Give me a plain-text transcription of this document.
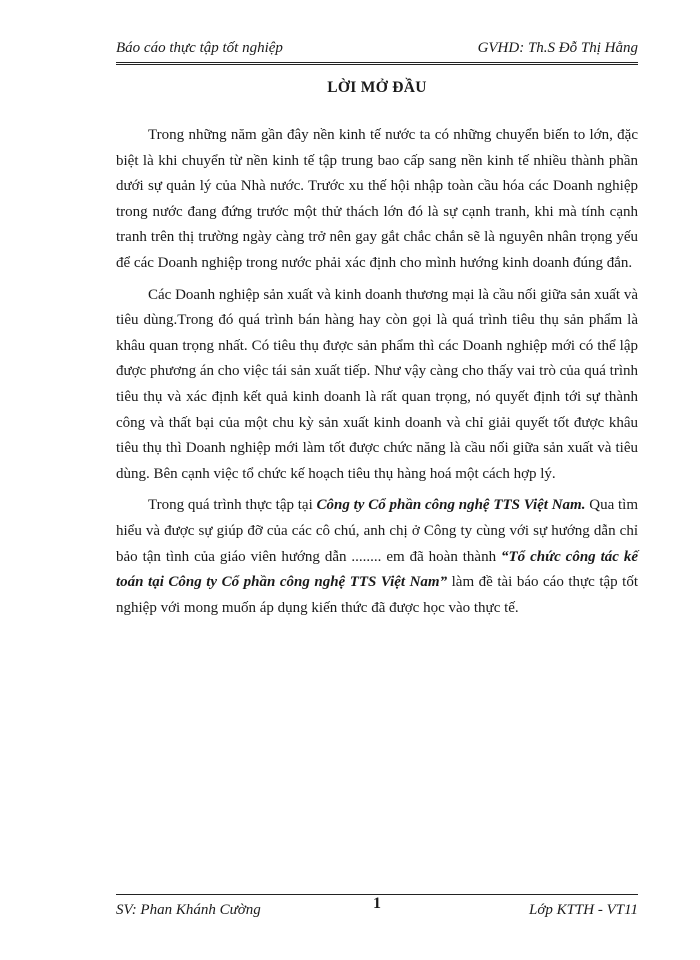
Báo cáo thực tập tốt nghiệp	GVHD: Th.S Đỗ Thị Hằng
LỜI MỞ ĐẦU

Trong những năm gần đây nền kinh tế nước ta có những chuyển biến to lớn, đặc biệt là khi chuyển từ nền kinh tế tập trung bao cấp sang nền kinh tế nhiều thành phần dưới sự quản lý của Nhà nước. Trước xu thế hội nhập toàn cầu hóa các Doanh nghiệp trong nước đang đứng trước một thử thách lớn đó là sự cạnh tranh, khi mà tính cạnh tranh trên thị trường ngày càng trở nên gay gắt chắc chắn sẽ là nguyên nhân trọng yếu để các Doanh nghiệp trong nước phải xác định cho mình hướng kinh doanh đúng đắn.

Các Doanh nghiệp sản xuất và kinh doanh thương mại là cầu nối giữa sản xuất và tiêu dùng.Trong đó quá trình bán hàng hay còn gọi là quá trình tiêu thụ sản phẩm là khâu quan trọng nhất. Có tiêu thụ được sản phẩm thì các Doanh nghiệp mới có thể lập được phương án cho việc tái sản xuất tiếp. Như vậy càng cho thấy vai trò của quá trình tiêu thụ và xác định kết quả kinh doanh là rất quan trọng, nó quyết định tới sự thành công và thất bại của một chu kỳ sản xuất kinh doanh và chỉ giải quyết tốt được khâu tiêu thụ thì Doanh nghiệp mới làm tốt được chức năng là cầu nối giữa sản xuất và tiêu dùng. Bên cạnh việc tổ chức kế hoạch tiêu thụ hàng hoá một cách hợp lý.

Trong quá trình thực tập tại Công ty Cổ phần công nghệ TTS Việt Nam. Qua tìm hiểu và được sự giúp đỡ của các cô chú, anh chị ở Công ty cùng với sự hướng dẫn chỉ bảo tận tình của giáo viên hướng dẫn ........ em đã hoàn thành “Tổ chức công tác kế toán tại Công ty Cổ phần công nghệ TTS Việt Nam” làm đề tài báo cáo thực tập tốt nghiệp với mong muốn áp dụng kiến thức đã được học vào thực tế.

SV: Phan Khánh Cường	1	Lớp KTTH - VT11
